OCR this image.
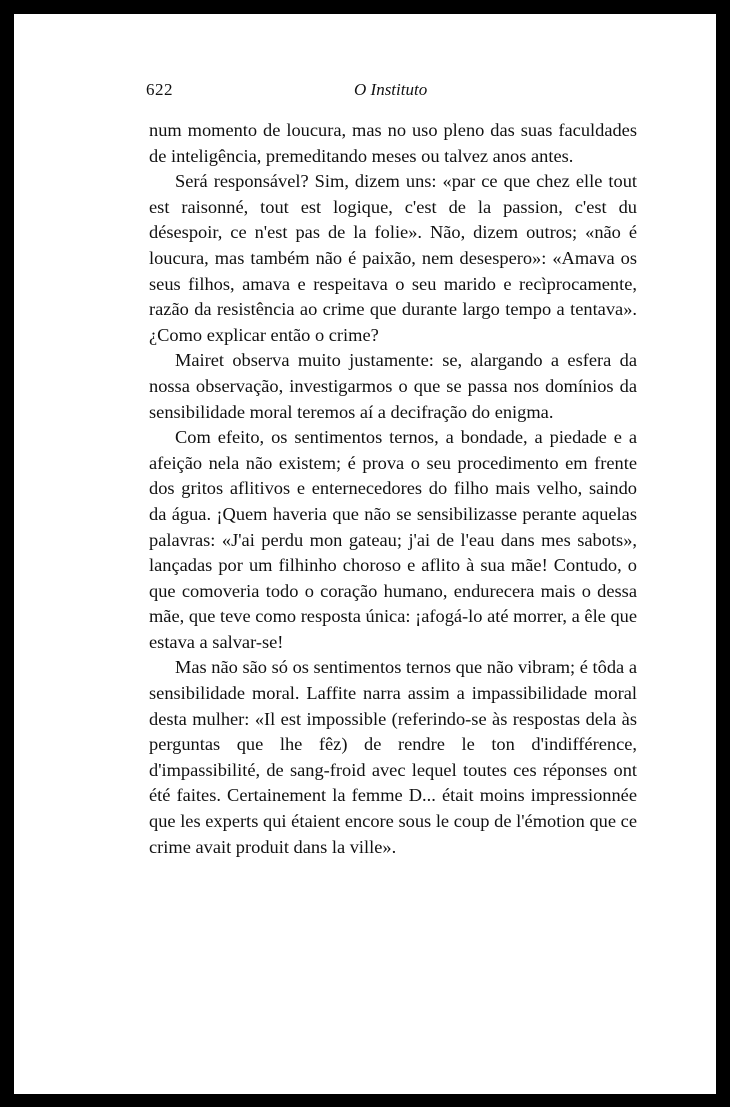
622	O Instituto

num momento de loucura, mas no uso pleno das suas faculdades de inteligência, premeditando meses ou talvez anos antes.

Será responsável? Sim, dizem uns: «par ce que chez elle tout est raisonné, tout est logique, c'est de la passion, c'est du désespoir, ce n'est pas de la folie». Não, dizem outros; «não é loucura, mas também não é paixão, nem desespero»: «Amava os seus filhos, amava e respeitava o seu marido e recìprocamente, razão da resistência ao crime que durante largo tempo a tentava». ¿Como explicar então o crime?

Mairet observa muito justamente: se, alargando a esfera da nossa observação, investigarmos o que se passa nos domínios da sensibilidade moral teremos aí a decifração do enigma.

Com efeito, os sentimentos ternos, a bondade, a piedade e a afeição nela não existem; é prova o seu procedimento em frente dos gritos aflitivos e enternecedores do filho mais velho, saindo da água. ¡Quem haveria que não se sensibilizasse perante aquelas palavras: «J'ai perdu mon gateau; j'ai de l'eau dans mes sabots», lançadas por um filhinho choroso e aflito à sua mãe! Contudo, o que comoveria todo o coração humano, endurecera mais o dessa mãe, que teve como resposta única: ¡afogá-lo até morrer, a êle que estava a salvar-se!

Mas não são só os sentimentos ternos que não vibram; é tôda a sensibilidade moral. Laffite narra assim a impassibilidade moral desta mulher: «Il est impossible (referindo-se às respostas dela às perguntas que lhe fêz) de rendre le ton d'indifférence, d'impassibilité, de sang-froid avec lequel toutes ces réponses ont été faites. Certainement la femme D... était moins impressionnée que les experts qui étaient encore sous le coup de l'émotion que ce crime avait produit dans la ville».
